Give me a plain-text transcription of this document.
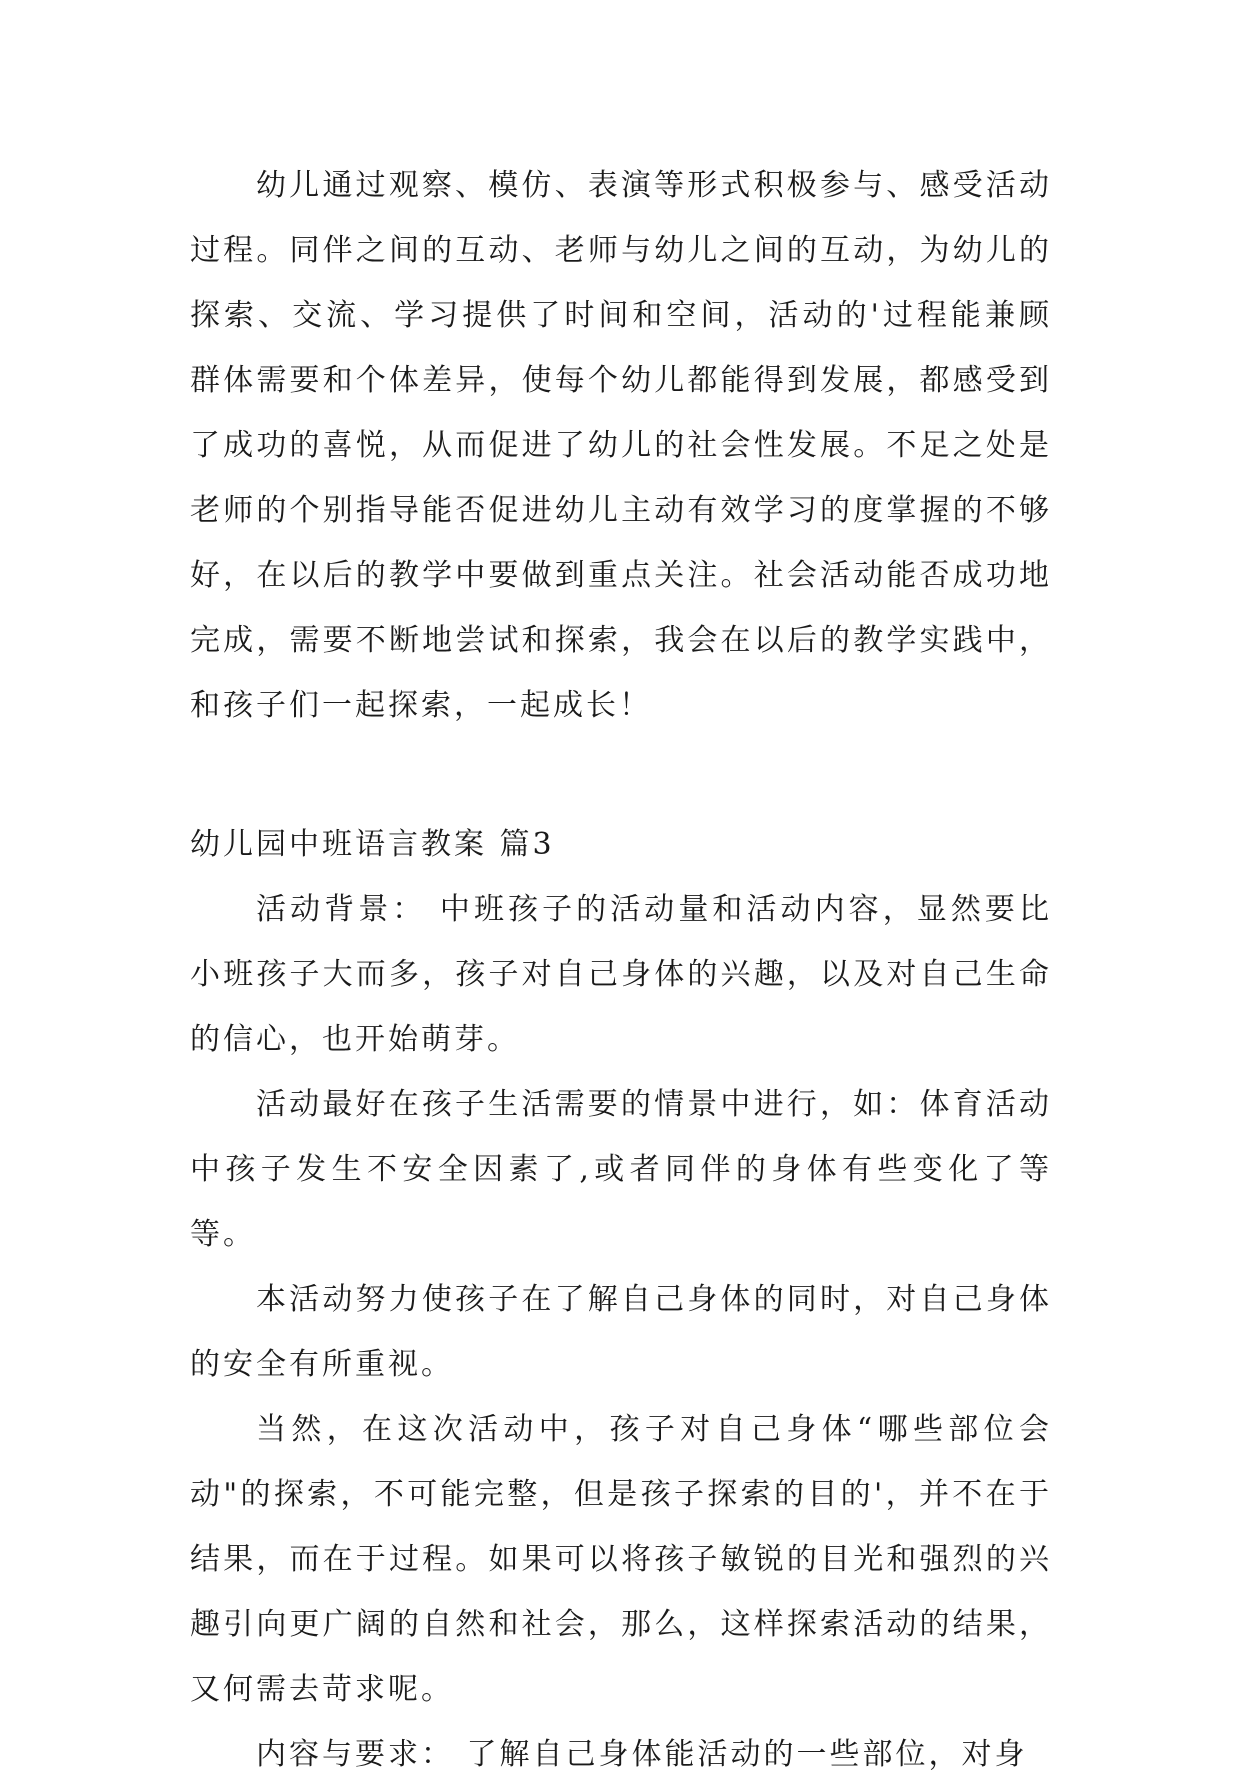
幼儿通过观察、模仿、表演等形式积极参与、感受活动过程。同伴之间的互动、老师与幼儿之间的互动，为幼儿的探索、交流、学习提供了时间和空间，活动的'过程能兼顾群体需要和个体差异，使每个幼儿都能得到发展，都感受到了成功的喜悦，从而促进了幼儿的社会性发展。不足之处是老师的个别指导能否促进幼儿主动有效学习的度掌握的不够好，在以后的教学中要做到重点关注。社会活动能否成功地完成，需要不断地尝试和探索，我会在以后的教学实践中，和孩子们一起探索，一起成长！

幼儿园中班语言教案 篇3

活动背景： 中班孩子的活动量和活动内容，显然要比小班孩子大而多，孩子对自己身体的兴趣，以及对自己生命的信心，也开始萌芽。

活动最好在孩子生活需要的情景中进行，如：体育活动中孩子发生不安全因素了,或者同伴的身体有些变化了等等。

本活动努力使孩子在了解自己身体的同时，对自己身体的安全有所重视。

当然，在这次活动中，孩子对自己身体“哪些部位会动"的探索，不可能完整，但是孩子探索的目的'，并不在于结果，而在于过程。如果可以将孩子敏锐的目光和强烈的兴趣引向更广阔的自然和社会，那么，这样探索活动的结果，又何需去苛求呢。

内容与要求： 了解自己身体能活动的一些部位，对身
